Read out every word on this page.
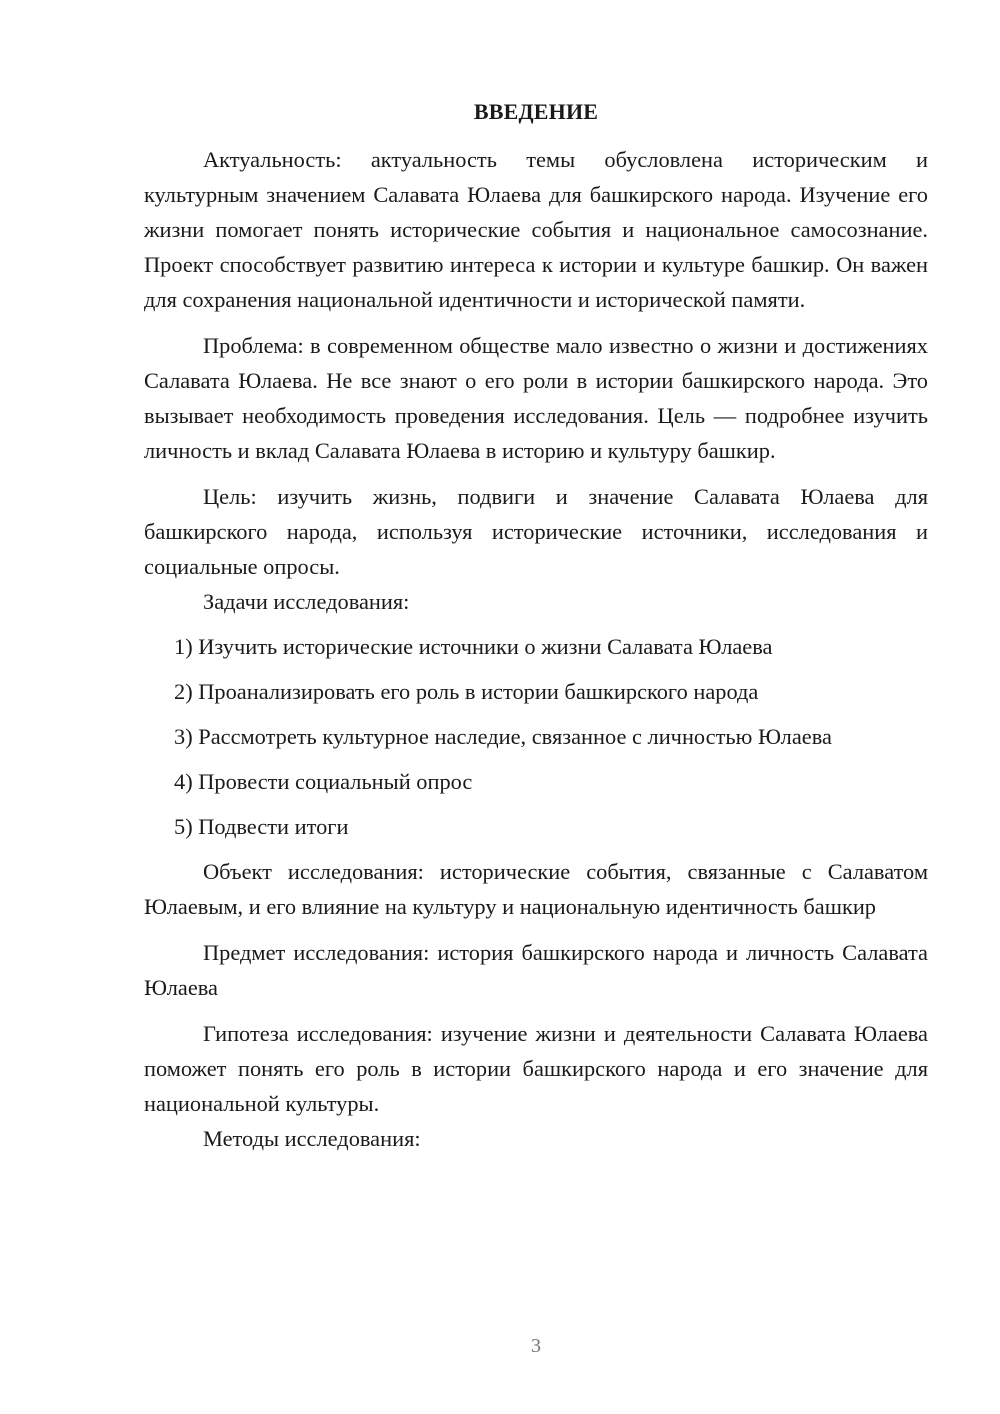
ВВЕДЕНИЕ

Актуальность: актуальность темы обусловлена историческим и культурным значением Салавата Юлаева для башкирского народа. Изучение его жизни помогает понять исторические события и национальное самосознание. Проект способствует развитию интереса к истории и культуре башкир. Он важен для сохранения национальной идентичности и исторической памяти.

Проблема: в современном обществе мало известно о жизни и достижениях Салавата Юлаева. Не все знают о его роли в истории башкирского народа. Это вызывает необходимость проведения исследования. Цель — подробнее изучить личность и вклад Салавата Юлаева в историю и культуру башкир.

Цель: изучить жизнь, подвиги и значение Салавата Юлаева для башкирского народа, используя исторические источники, исследования и социальные опросы.

Задачи исследования:

1) Изучить исторические источники о жизни Салавата Юлаева
2) Проанализировать его роль в истории башкирского народа
3) Рассмотреть культурное наследие, связанное с личностью Юлаева
4) Провести социальный опрос
5) Подвести итоги

Объект исследования: исторические события, связанные с Салаватом Юлаевым, и его влияние на культуру и национальную идентичность башкир

Предмет исследования: история башкирского народа и личность Салавата Юлаева

Гипотеза исследования: изучение жизни и деятельности Салавата Юлаева поможет понять его роль в истории башкирского народа и его значение для национальной культуры.

Методы исследования:

3
